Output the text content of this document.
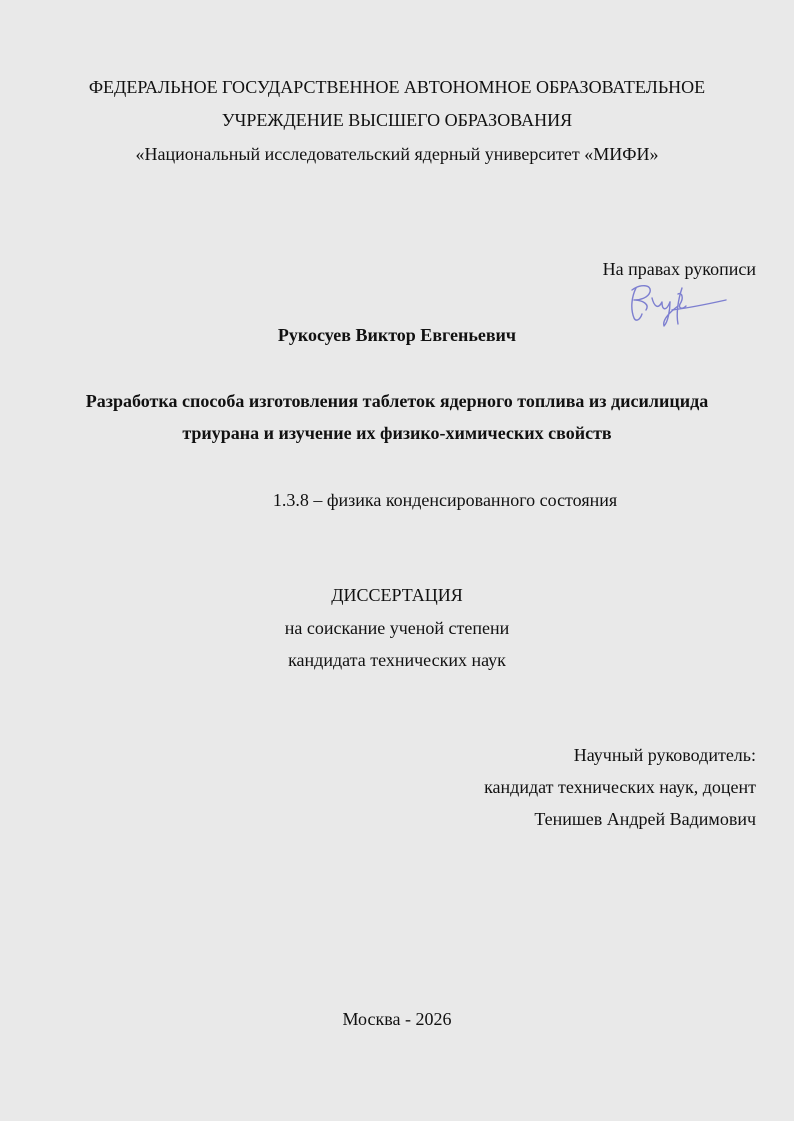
ФЕДЕРАЛЬНОЕ ГОСУДАРСТВЕННОЕ АВТОНОМНОЕ ОБРАЗОВАТЕЛЬНОЕ
УЧРЕЖДЕНИЕ ВЫСШЕГО ОБРАЗОВАНИЯ
«Национальный исследовательский ядерный университет «МИФИ»
На правах рукописи
Рукосуев Виктор Евгеньевич
Разработка способа изготовления таблеток ядерного топлива из дисилицида
триурана и изучение их физико-химических свойств
1.3.8 – физика конденсированного состояния
ДИССЕРТАЦИЯ
на соискание ученой степени
кандидата технических наук
Научный руководитель:
кандидат технических наук, доцент
Тенишев Андрей Вадимович
Москва - 2026
